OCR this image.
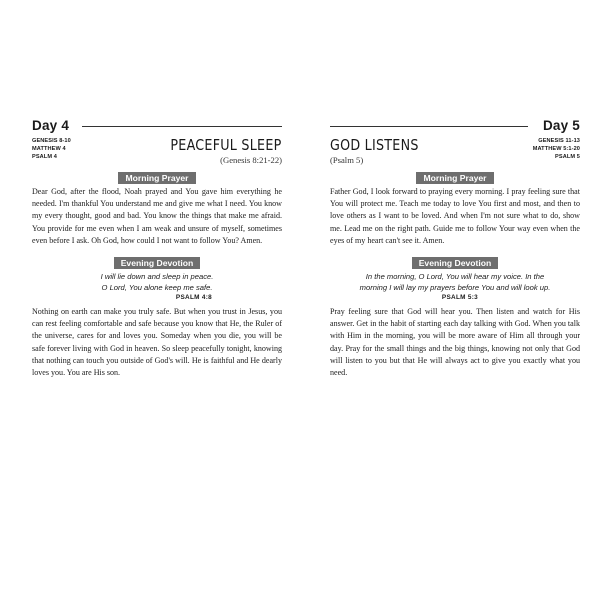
Day 4
GENESIS 8-10
MATTHEW 4
PSALM 4
PEACEFUL SLEEP
(Genesis 8:21-22)
Morning Prayer

Dear God, after the flood, Noah prayed and You gave him everything he needed. I'm thankful You understand me and give me what I need. You know my every thought, good and bad. You know the things that make me afraid. You provide for me even when I am weak and unsure of myself, sometimes even before I ask. Oh God, how could I not want to follow You? Amen.

Evening Devotion
I will lie down and sleep in peace.
O Lord, You alone keep me safe.
PSALM 4:8

Nothing on earth can make you truly safe. But when you trust in Jesus, you can rest feeling comfortable and safe because you know that He, the Ruler of the universe, cares for and loves you. Someday when you die, you will be safe forever living with God in heaven. So sleep peacefully tonight, knowing that nothing can touch you outside of God's will. He is faithful and He dearly loves you. You are His son.

Day 5
GOD LISTENS
(Psalm 5)
GENESIS 11-13
MATTHEW 5:1-20
PSALM 5
Morning Prayer

Father God, I look forward to praying every morning. I pray feeling sure that You will protect me. Teach me today to love You first and most, and then to love others as I want to be loved. And when I'm not sure what to do, show me. Lead me on the right path. Guide me to follow Your way even when the eyes of my heart can't see it. Amen.

Evening Devotion
In the morning, O Lord, You will hear my voice. In the
morning I will lay my prayers before You and will look up.
PSALM 5:3

Pray feeling sure that God will hear you. Then listen and watch for His answer. Get in the habit of starting each day talking with God. When you talk with Him in the morning, you will be more aware of Him all through your day. Pray for the small things and the big things, knowing not only that God will listen to you but that He will always act to give you exactly what you need.
